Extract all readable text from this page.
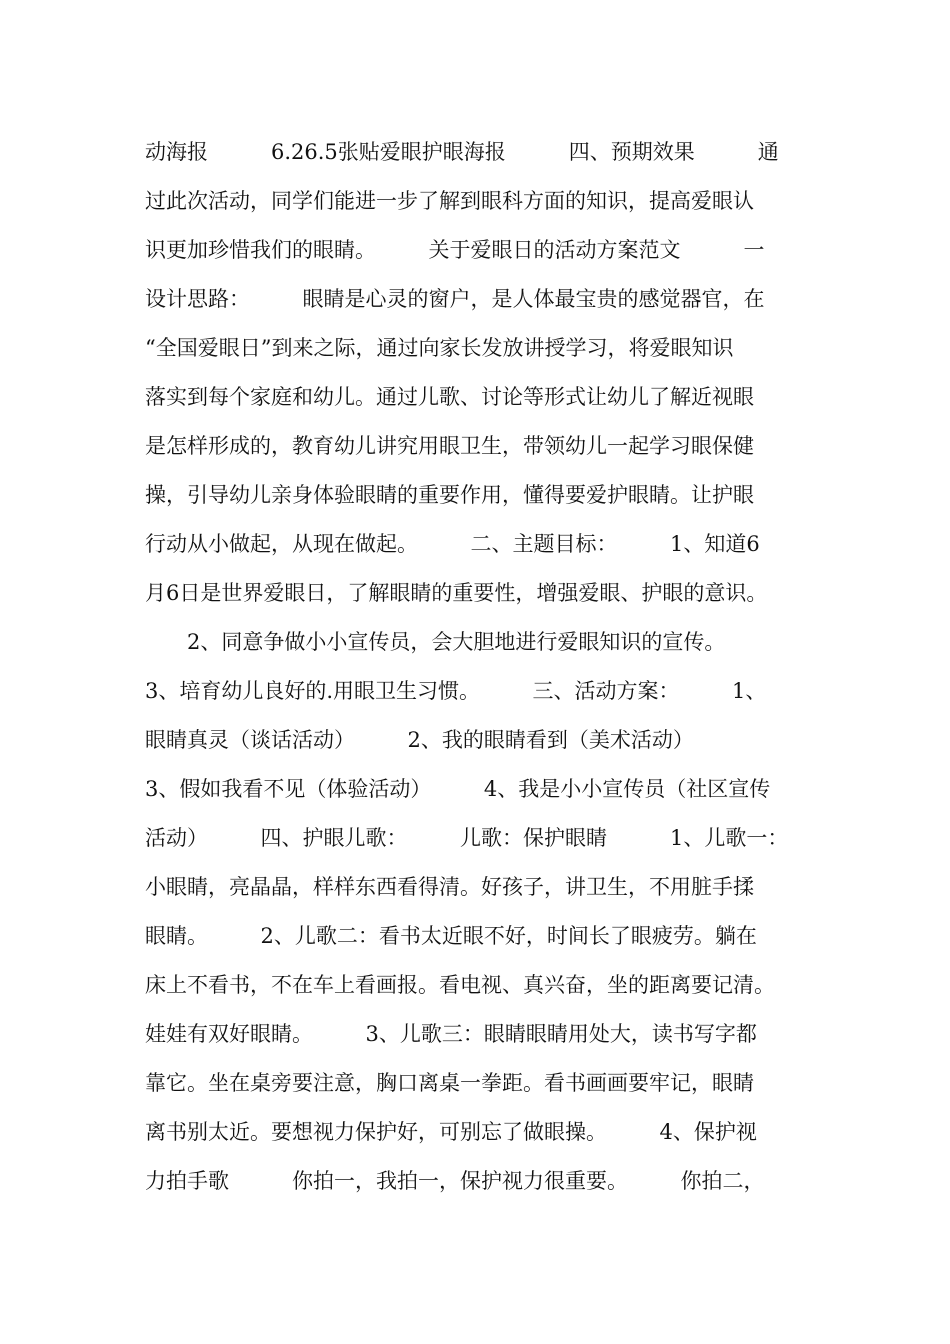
动海报　　　6.26.5张贴爱眼护眼海报　　　四、预期效果　　　通
过此次活动，同学们能进一步了解到眼科方面的知识，提高爱眼认
识更加珍惜我们的眼睛。　　　关于爱眼日的活动方案范文　　　一
设计思路：　　　眼睛是心灵的窗户，是人体最宝贵的感觉器官，在
“全国爱眼日”到来之际，通过向家长发放讲授学习，将爱眼知识
落实到每个家庭和幼儿。通过儿歌、讨论等形式让幼儿了解近视眼
是怎样形成的，教育幼儿讲究用眼卫生，带领幼儿一起学习眼保健
操，引导幼儿亲身体验眼睛的重要作用，懂得要爱护眼睛。让护眼
行动从小做起，从现在做起。　　　二、主题目标：　　　1、知道6
月6日是世界爱眼日，了解眼睛的重要性，增强爱眼、护眼的意识。
　　2、同意争做小小宣传员，会大胆地进行爱眼知识的宣传。
3、培育幼儿良好的.用眼卫生习惯。　　　三、活动方案：　　　1、
眼睛真灵（谈话活动）　　　2、我的眼睛看到（美术活动）
3、假如我看不见（体验活动）　　　4、我是小小宣传员（社区宣传
活动）　　　四、护眼儿歌：　　　儿歌：保护眼睛　　　1、儿歌一：
小眼睛，亮晶晶，样样东西看得清。好孩子，讲卫生，不用脏手揉
眼睛。　　　2、儿歌二：看书太近眼不好，时间长了眼疲劳。躺在
床上不看书，不在车上看画报。看电视、真兴奋，坐的距离要记清。
娃娃有双好眼睛。　　　3、儿歌三：眼睛眼睛用处大，读书写字都
靠它。坐在桌旁要注意，胸口离桌一拳距。看书画画要牢记，眼睛
离书别太近。要想视力保护好，可别忘了做眼操。　　　4、保护视
力拍手歌　　　你拍一，我拍一，保护视力很重要。　　　你拍二，
